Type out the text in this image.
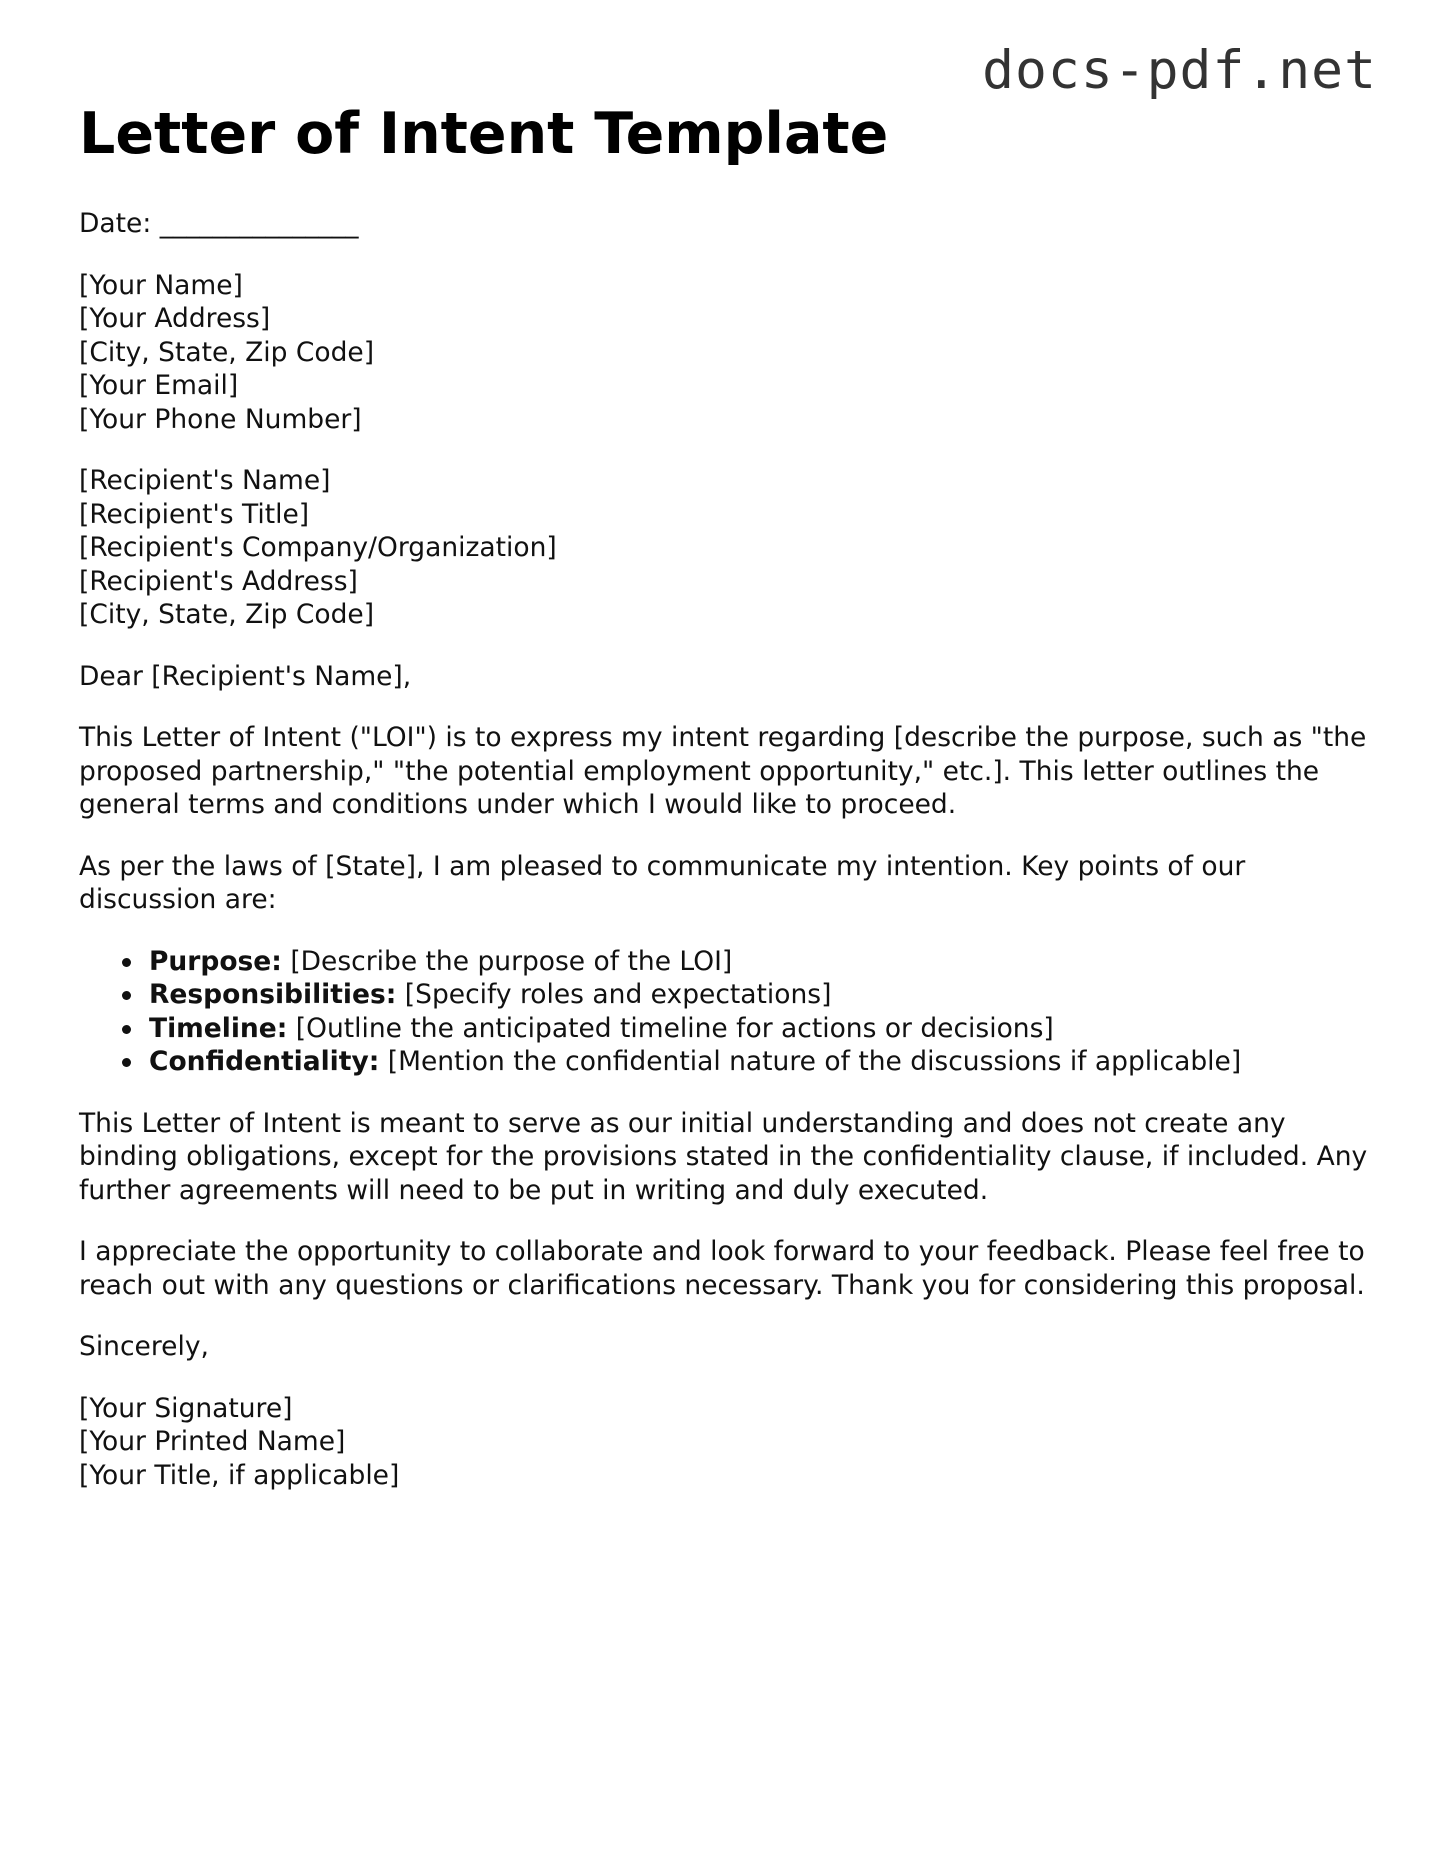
docs-pdf.net
Letter of Intent Template
Date: _______________
[Your Name]
[Your Address]
[City, State, Zip Code]
[Your Email]
[Your Phone Number]
[Recipient's Name]
[Recipient's Title]
[Recipient's Company/Organization]
[Recipient's Address]
[City, State, Zip Code]

Dear [Recipient's Name],

This Letter of Intent ("LOI") is to express my intent regarding [describe the purpose, such as "the proposed partnership," "the potential employment opportunity," etc.]. This letter outlines the general terms and conditions under which I would like to proceed.

As per the laws of [State], I am pleased to communicate my intention. Key points of our discussion are:

Purpose: [Describe the purpose of the LOI]
Responsibilities: [Specify roles and expectations]
Timeline: [Outline the anticipated timeline for actions or decisions]
Confidentiality: [Mention the confidential nature of the discussions if applicable]

This Letter of Intent is meant to serve as our initial understanding and does not create any binding obligations, except for the provisions stated in the confidentiality clause, if included. Any further agreements will need to be put in writing and duly executed.

I appreciate the opportunity to collaborate and look forward to your feedback. Please feel free to reach out with any questions or clarifications necessary. Thank you for considering this proposal.

Sincerely,

[Your Signature]
[Your Printed Name]
[Your Title, if applicable]
